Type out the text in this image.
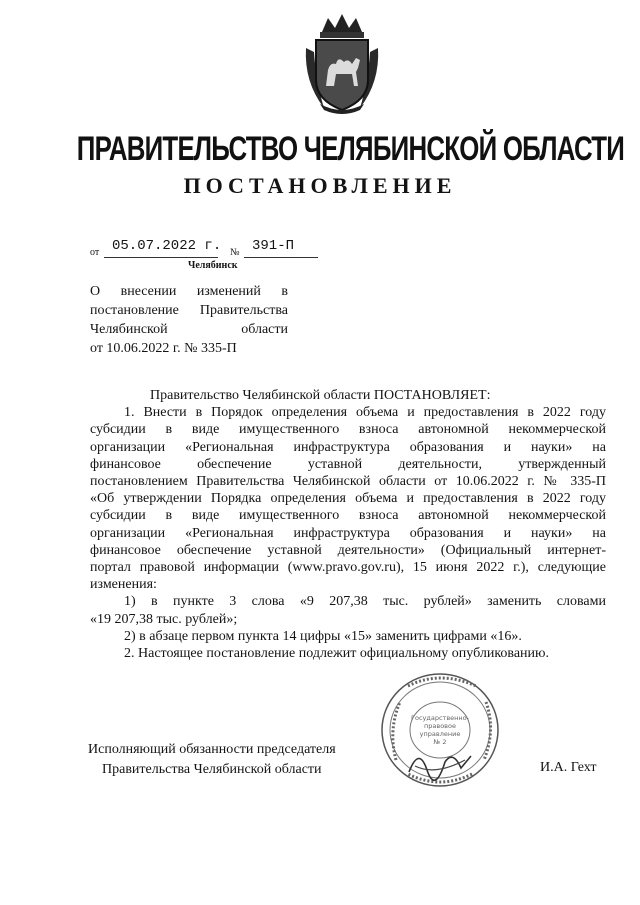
ПРАВИТЕЛЬСТВО ЧЕЛЯБИНСКОЙ ОБЛАСТИ
ПОСТАНОВЛЕНИЕ
от 05.07.2022 г. № 391-П
Челябинск
О внесении изменений в
постановление Правительства
Челябинской	области
от 10.06.2022 г. № 335-П

Правительство Челябинской области ПОСТАНОВЛЯЕТ:

1. Внести в Порядок определения объема и предоставления в 2022 году

субсидии в виде имущественного взноса автономной некоммерческой

организации «Региональная инфраструктура образования и науки» на

финансовое обеспечение уставной деятельности, утвержденный

постановлением Правительства Челябинской области от 10.06.2022 г. № 335-П

«Об утверждении Порядка определения объема и предоставления в 2022 году

субсидии в виде имущественного взноса автономной некоммерческой

организации «Региональная инфраструктура образования и науки» на

финансовое обеспечение уставной деятельности» (Официальный интернет-

портал правовой информации (www.pravo.gov.ru), 15 июня 2022 г.), следующие

изменения:

1) в пункте 3 слова «9 207,38 тыс. рублей» заменить словами

«19 207,38 тыс. рублей»;

2) в абзаце первом пункта 14 цифры «15» заменить цифрами «16».

2. Настоящее постановление подлежит официальному опубликованию.

Государственно-
правовое
управление
№ 2
Исполняющий обязанности председателя
Правительства Челябинской области	И.А. Гехт
